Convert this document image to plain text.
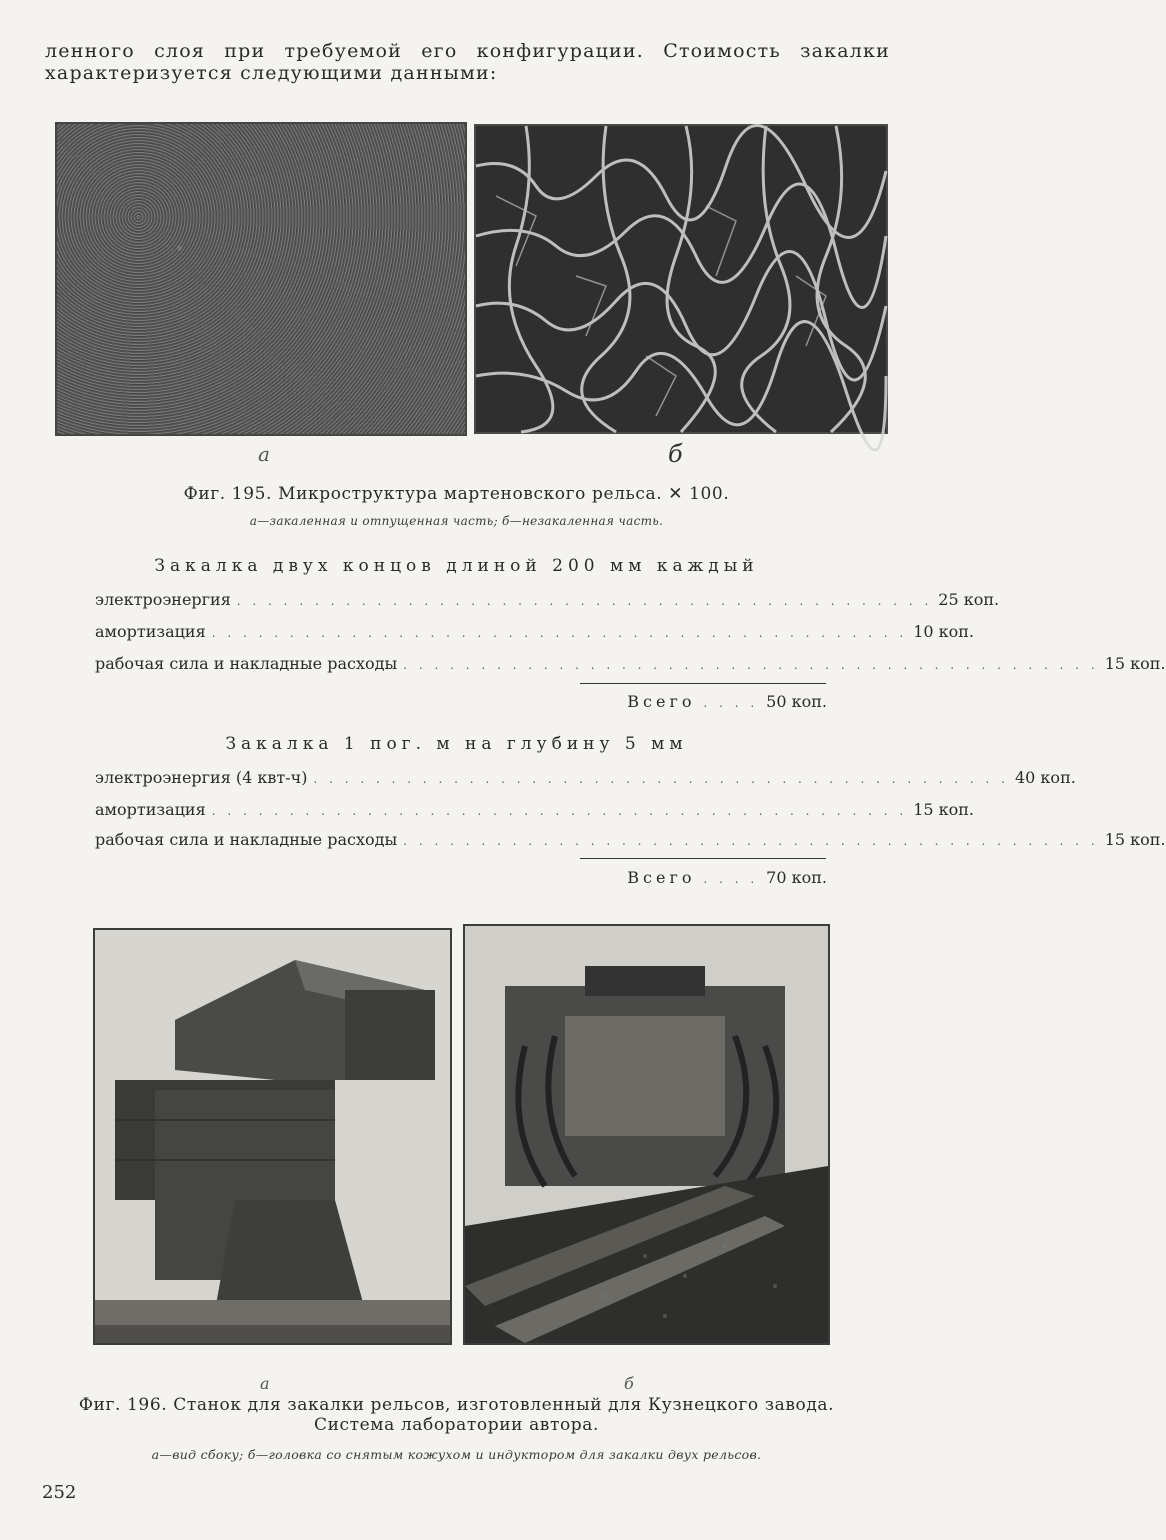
ленного слоя при требуемой его конфигурации. Стоимость закалки характеризуется следующими данными:
а	б
Фиг. 195. Микроструктура мартеновского рельса. ✕ 100.
а—закаленная и отпущенная часть; б—незакаленная часть.
Закалка двух концов длиной 200 мм каждый
электроэнергия . . . . . . . . . . . . . . . . . . . . . . . . . . . . . . . . . . . . . . . . . . . . . 25 коп.
амортизация . . . . . . . . . . . . . . . . . . . . . . . . . . . . . . . . . . . . . . . . . . . . . 10 коп.
рабочая сила и накладные расходы . . . . . . . . . . . . . . . . . . . . . . . . . . . . . . . . . . . . . . . . . . . . . 15 коп.
Всего . . . . 50 коп.
Закалка 1 пог. м на глубину 5 мм
электроэнергия (4 квт-ч) . . . . . . . . . . . . . . . . . . . . . . . . . . . . . . . . . . . . . . . . . . . . . 40 коп.
амортизация . . . . . . . . . . . . . . . . . . . . . . . . . . . . . . . . . . . . . . . . . . . . . 15 коп.
рабочая сила и накладные расходы . . . . . . . . . . . . . . . . . . . . . . . . . . . . . . . . . . . . . . . . . . . . . 15 коп.
Всего . . . . 70 коп.
а	б
Фиг. 196. Станок для закалки рельсов, изготовленный для Кузнецкого завода.
Система лаборатории автора.
а—вид сбоку; б—головка со снятым кожухом и индуктором для закалки двух рельсов.
252
